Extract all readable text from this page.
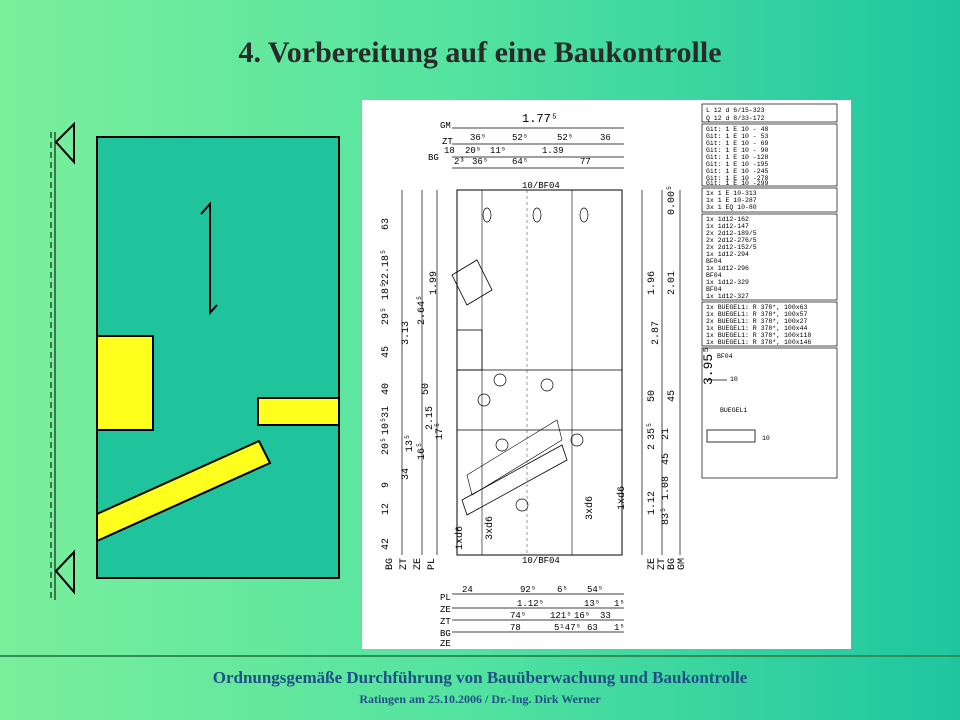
4. Vorbereitung auf eine Baukontrolle
1.77⁵
GM
36⁵	52⁵	52⁵	36
ZT
18 20⁵ 11⁵	1.39
BG 2³ 36⁵	64⁵	77
10/BF04
10/BF04
63
22.18⁵
29⁵
18⁵
45
40
20⁵
10⁵
31
9
12
42
3.13
2.64⁵
1.99
50
34
13⁵ 16⁵
2.15
17⁵
BG ZT ZE PL
1.96
2.87
50
2
35⁵
1.12
1.08
83⁵
2.01
45
21
45
0.00⁵
3.95⁵
ZE ZT BG GM
1xd6 3xd6
3xd6 1xd6
PL
24	92⁵ 6⁵ 54⁵
ZE
1.12⁵	13⁵ 1⁵
ZT
74⁵	121⁵ 16⁵ 33
BG
78	5¹47⁵ 63 1⁵
ZE
L 12 d 6/15-323
Q 12 d 8/33-172
Git: 1 E 10 - 48
Git: 1 E 10 - 53
Git: 1 E 10 - 69
Git: 1 E 10 - 90
Git: 1 E 10 -128
Git: 1 E 10 -195
Git: 1 E 10 -245
Git: 1 E 10 -278
Git: 1 E 10 -299
1x 1 E 10-313
1x 1 E 10-287
3x 1 EQ 10-80
1x 1d12-162
1x 1d12-147
2x 2d12-189/5
2x 2d12-276/5
2x 2d12-152/5
1x 1d12-294
BF04
1x 1d12-296
BF04
1x 1d12-329
BF04
1x 1d12-327
1x BUEGEL1: R 378*, 100x63
1x BUEGEL1: R 378*, 100x57
2x BUEGEL1: R 378*, 100x27
1x BUEGEL1: R 378*, 100x44
1x BUEGEL1: R 378*, 100x118
1x BUEGEL1: R 378*, 100x146
BF04
10
BUEGEL1
10
Ordnungsgemäße Durchführung von Bauüberwachung und Baukontrolle
Ratingen am 25.10.2006 / Dr.-Ing. Dirk Werner
